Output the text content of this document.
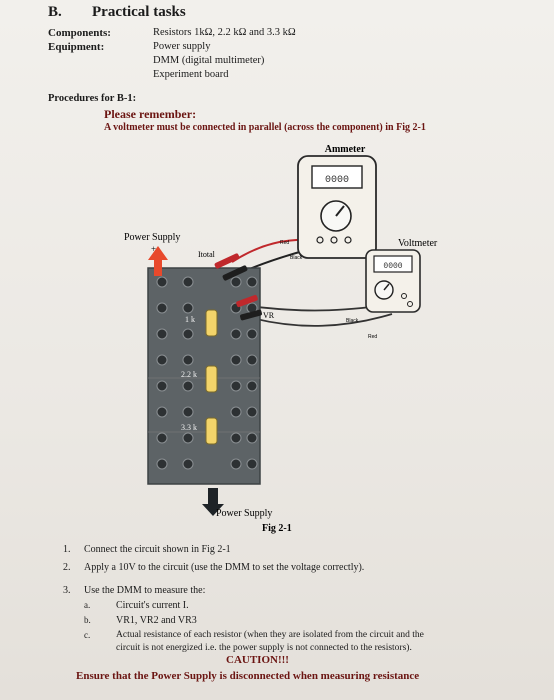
B. Practical tasks
Components:	Resistors 1kΩ, 2.2 kΩ and 3.3 kΩ
Equipment:	Power supply
DMM (digital multimeter)
Experiment board
Procedures for B-1:
Please remember:
A voltmeter must be connected in parallel (across the component) in Fig 2-1
0000
0000
Ammeter
Voltmeter
Power Supply
+
Itotal
VR
1 k
2.2 k
3.3 k
Red
Black
Black
Red
Power Supply
Fig 2-1
1. Connect the circuit shown in Fig 2-1
2. Apply a 10V to the circuit (use the DMM to set the voltage correctly).
3. Use the DMM to measure the:
a.	Circuit's current I.
b.	VR1, VR2 and VR3
c.	Actual resistance of each resistor (when they are isolated from the circuit and the
circuit is not energized i.e. the power supply is not connected to the resistors).
CAUTION!!!
Ensure that the Power Supply is disconnected when measuring resistance
